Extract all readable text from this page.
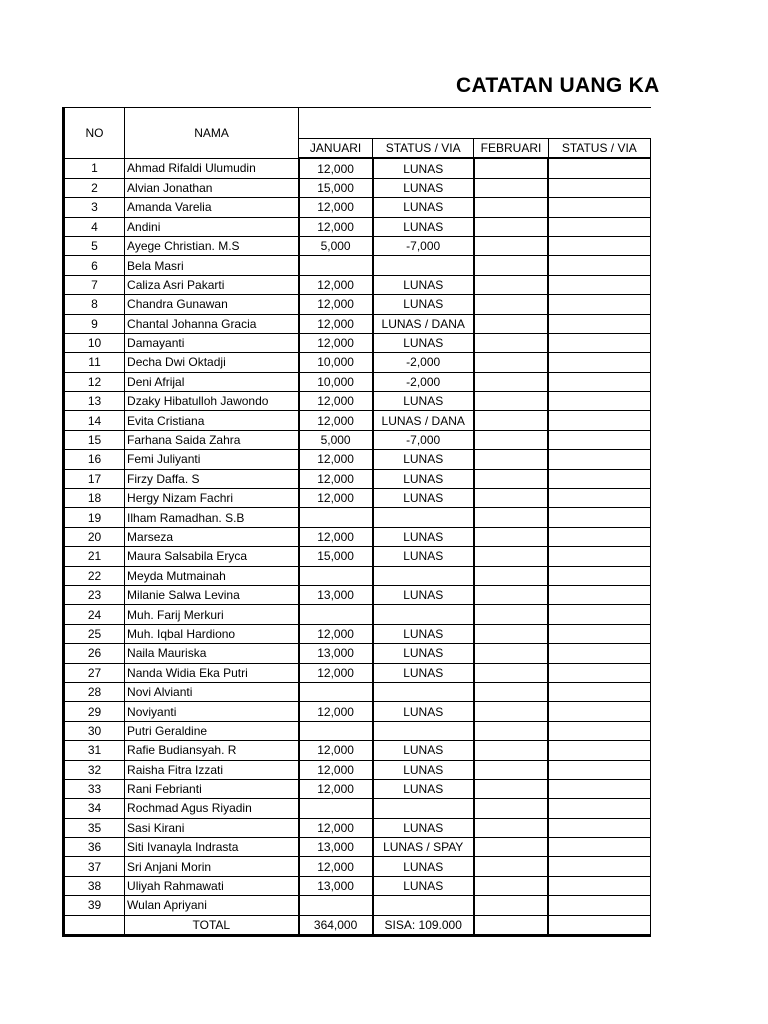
CATATAN UANG KA
NO	NAMA				
		JANUARI	STATUS / VIA	FEBRUARI	STATUS / VIA
1	Ahmad Rifaldi Ulumudin	12,000	LUNAS		
2	Alvian Jonathan	15,000	LUNAS		
3	Amanda Varelia	12,000	LUNAS		
4	Andini	12,000	LUNAS		
5	Ayege Christian. M.S	5,000	-7,000		
6	Bela Masri				
7	Caliza Asri Pakarti	12,000	LUNAS		
8	Chandra Gunawan	12,000	LUNAS		
9	Chantal Johanna Gracia	12,000	LUNAS / DANA		
10	Damayanti	12,000	LUNAS		
11	Decha Dwi Oktadji	10,000	-2,000		
12	Deni Afrijal	10,000	-2,000		
13	Dzaky Hibatulloh Jawondo	12,000	LUNAS		
14	Evita Cristiana	12,000	LUNAS / DANA		
15	Farhana Saida Zahra	5,000	-7,000		
16	Femi Juliyanti	12,000	LUNAS		
17	Firzy Daffa. S	12,000	LUNAS		
18	Hergy Nizam Fachri	12,000	LUNAS		
19	Ilham Ramadhan. S.B				
20	Marseza	12,000	LUNAS		
21	Maura Salsabila Eryca	15,000	LUNAS		
22	Meyda Mutmainah				
23	Milanie Salwa Levina	13,000	LUNAS		
24	Muh. Farij Merkuri				
25	Muh. Iqbal Hardiono	12,000	LUNAS		
26	Naila Mauriska	13,000	LUNAS		
27	Nanda Widia Eka Putri	12,000	LUNAS		
28	Novi Alvianti				
29	Noviyanti	12,000	LUNAS		
30	Putri Geraldine				
31	Rafie Budiansyah. R	12,000	LUNAS		
32	Raisha Fitra Izzati	12,000	LUNAS		
33	Rani Febrianti	12,000	LUNAS		
34	Rochmad Agus Riyadin				
35	Sasi Kirani	12,000	LUNAS		
36	Siti Ivanayla Indrasta	13,000	LUNAS / SPAY		
37	Sri Anjani Morin	12,000	LUNAS		
38	Uliyah Rahmawati	13,000	LUNAS		
39	Wulan Apriyani				
	TOTAL	364,000	SISA: 109.000		
